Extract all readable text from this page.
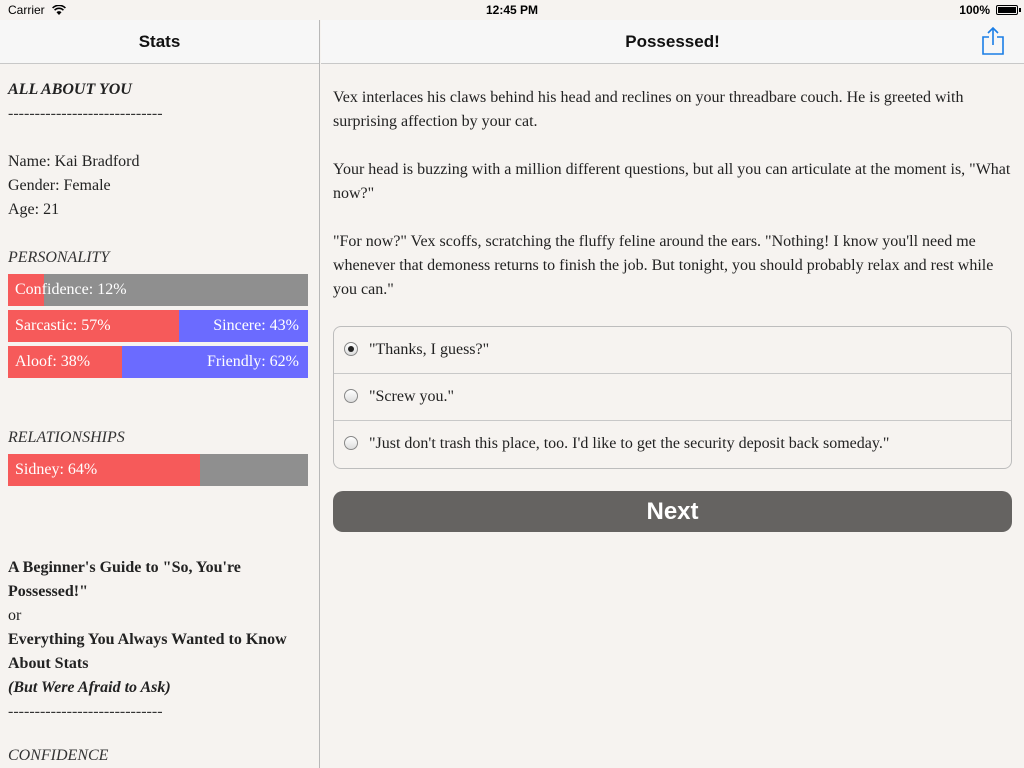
Carrier	12:45 PM	100%
Stats
ALL ABOUT YOU
-----------------------------
Name: Kai Bradford
Gender: Female
Age: 21
PERSONALITY
Confidence: 12%
Sarcastic: 57%	Sincere: 43%
Aloof: 38%	Friendly: 62%
RELATIONSHIPS
Sidney: 64%
A Beginner's Guide to "So, You're Possessed!"
or
Everything You Always Wanted to Know About Stats
(But Were Afraid to Ask)
-----------------------------
CONFIDENCE
Possessed!

Vex interlaces his claws behind his head and reclines on your threadbare couch. He is greeted with surprising affection by your cat.

Your head is buzzing with a million different questions, but all you can articulate at the moment is, "What now?"

"For now?" Vex scoffs, scratching the fluffy feline around the ears. "Nothing! I know you'll need me whenever that demoness returns to finish the job. But tonight, you should probably relax and rest while you can."

"Thanks, I guess?"
"Screw you."
"Just don't trash this place, too. I'd like to get the security deposit back someday."
Next
